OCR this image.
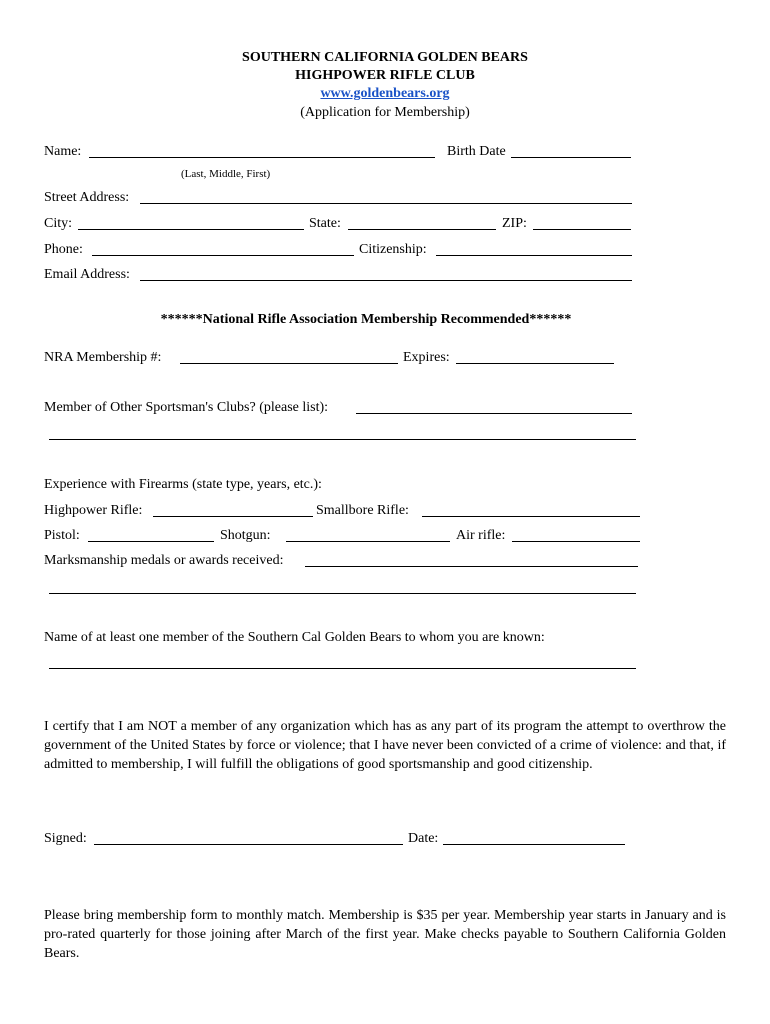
SOUTHERN CALIFORNIA GOLDEN BEARS
HIGHPOWER RIFLE CLUB
www.goldenbears.org
(Application for Membership)
Name:	Birth Date
(Last, Middle, First)
Street Address:
City:	State:	ZIP:
Phone:	Citizenship:
Email Address:
******National Rifle Association Membership Recommended******
NRA Membership #:	Expires:
Member of Other Sportsman's Clubs? (please list):
Experience with Firearms (state type, years, etc.):
Highpower Rifle:	Smallbore Rifle:
Pistol:	Shotgun:	Air rifle:
Marksmanship medals or awards received:
Name of at least one member of the Southern Cal Golden Bears to whom you are known:
I certify that I am NOT a member of any organization which has as any part of its program the attempt to overthrow the government of the United States by force or violence; that I have never been convicted of a crime of violence: and that, if admitted to membership, I will fulfill the obligations of good sportsmanship and good citizenship.
Signed:	Date:
Please bring membership form to monthly match. Membership is $35 per year. Membership year starts in January and is pro-rated quarterly for those joining after March of the first year. Make checks payable to Southern California Golden Bears.
